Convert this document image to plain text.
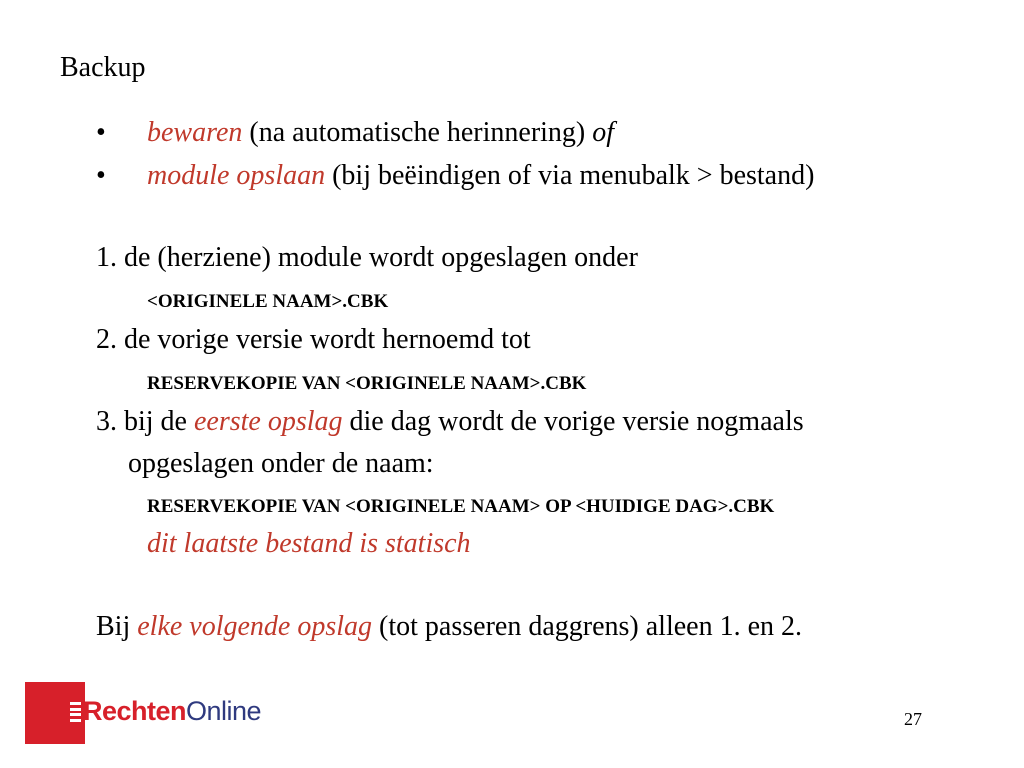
Backup
• bewaren (na automatische herinnering) of
• module opslaan (bij beëindigen of via menubalk > bestand)
1. de (herziene) module wordt opgeslagen onder
<ORIGINELE NAAM>.CBK
2. de vorige versie wordt hernoemd tot
RESERVEKOPIE VAN <ORIGINELE NAAM>.CBK
3. bij de eerste opslag die dag wordt de vorige versie nogmaals
opgeslagen onder de naam:
RESERVEKOPIE VAN <ORIGINELE NAAM> OP <HUIDIGE DAG>.CBK
dit laatste bestand is statisch
Bij elke volgende opslag (tot passeren daggrens) alleen 1. en 2.
RechtenOnline	27
